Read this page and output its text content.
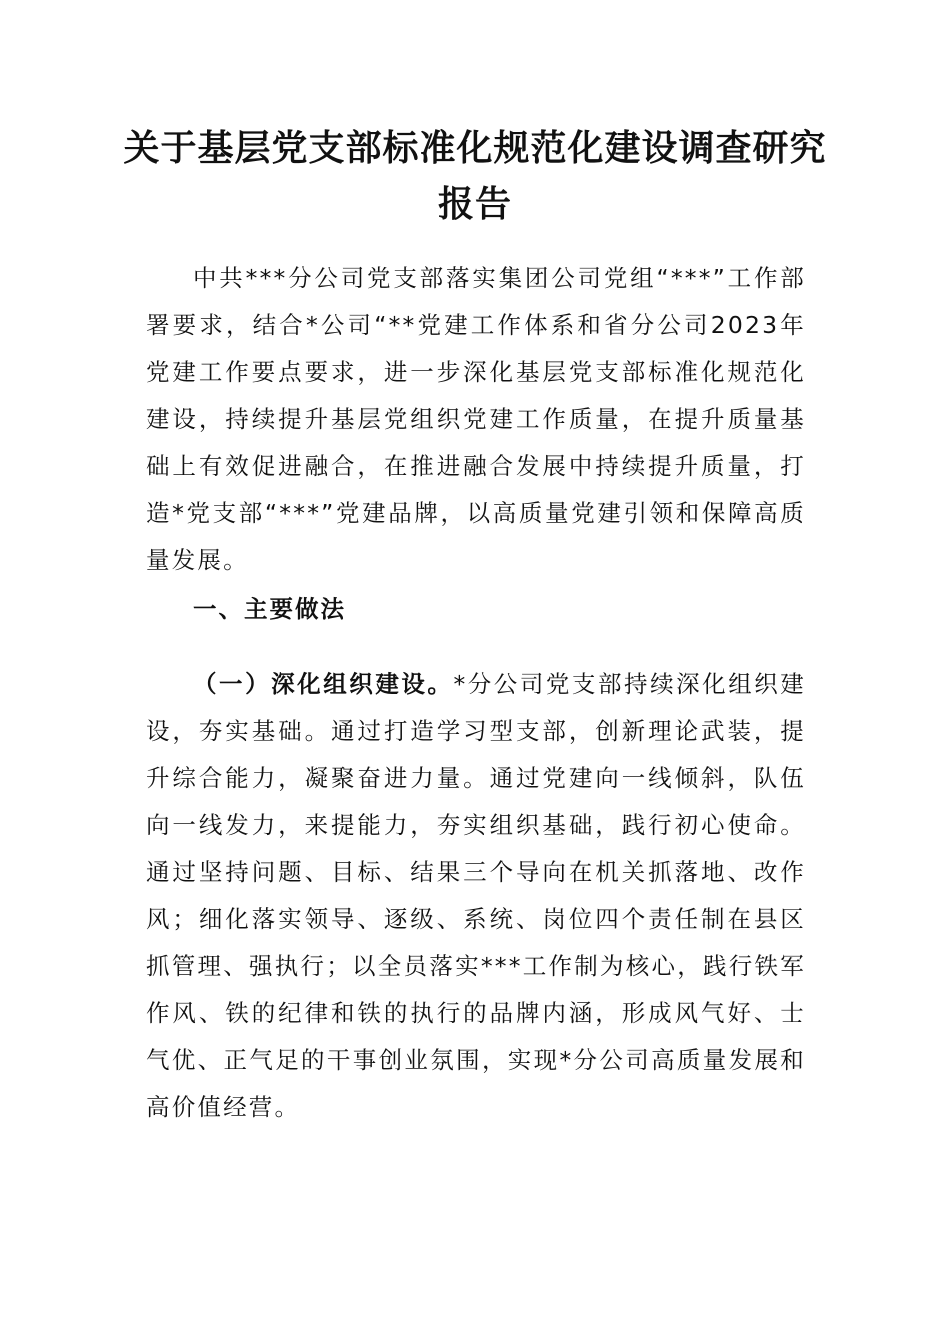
关于基层党支部标准化规范化建设调查研究报告
中共***分公司党支部落实集团公司党组“***”工作部署要求，结合*公司“**党建工作体系和省分公司2023年党建工作要点要求，进一步深化基层党支部标准化规范化建设，持续提升基层党组织党建工作质量，在提升质量基础上有效促进融合，在推进融合发展中持续提升质量，打造*党支部“***”党建品牌，以高质量党建引领和保障高质量发展。
一、主要做法
（一）深化组织建设。*分公司党支部持续深化组织建设，夯实基础。通过打造学习型支部，创新理论武装，提升综合能力，凝聚奋进力量。通过党建向一线倾斜，队伍向一线发力，来提能力，夯实组织基础，践行初心使命。通过坚持问题、目标、结果三个导向在机关抓落地、改作风；细化落实领导、逐级、系统、岗位四个责任制在县区抓管理、强执行；以全员落实***工作制为核心，践行铁军作风、铁的纪律和铁的执行的品牌内涵，形成风气好、士气优、正气足的干事创业氛围，实现*分公司高质量发展和高价值经营。
